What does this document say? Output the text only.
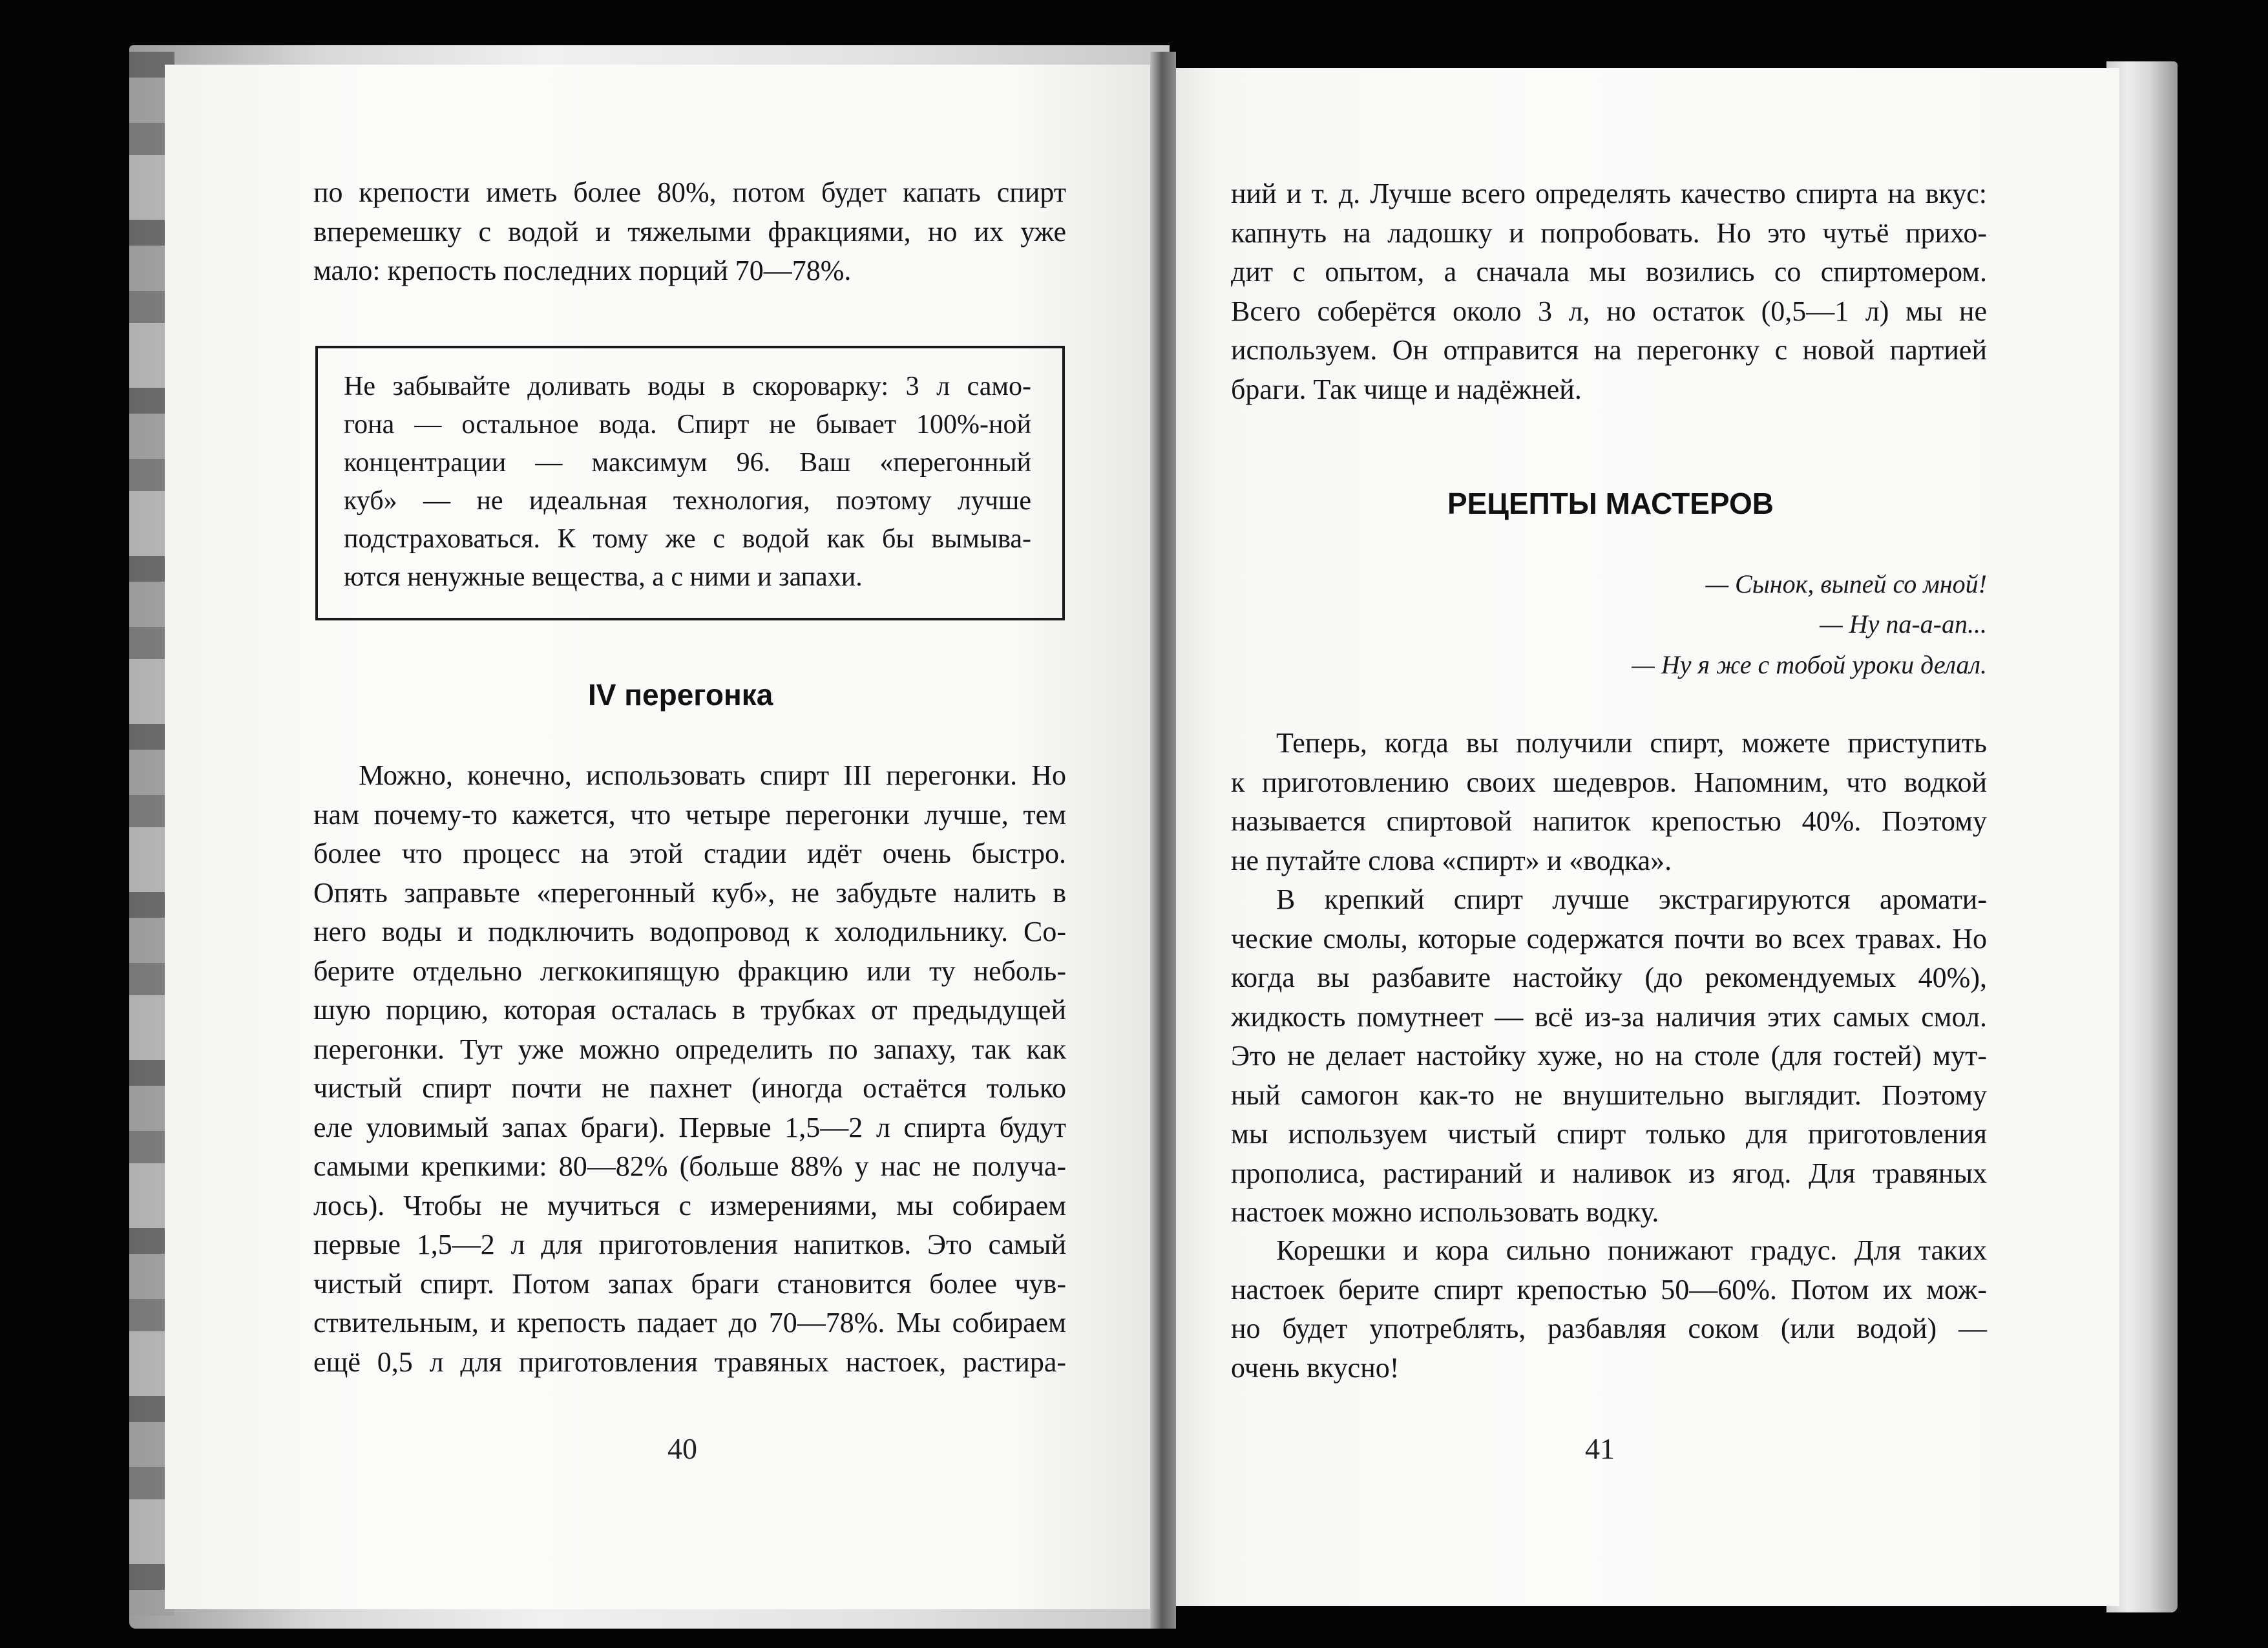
по крепости иметь более 80%, потом будет капать спирт
вперемешку с водой и тяжелыми фракциями, но их уже
мало: крепость последних порций 70—78%.
Не забывайте доливать воды в скороварку: 3 л само-
гона — остальное вода. Спирт не бывает 100%-ной
концентрации — максимум 96. Ваш «перегонный
куб» — не идеальная технология, поэтому лучше
подстраховаться. К тому же с водой как бы вымыва-
ются ненужные вещества, а с ними и запахи.
IV перегонка
Можно, конечно, использовать спирт III перегонки. Но
нам почему-то кажется, что четыре перегонки лучше, тем
более что процесс на этой стадии идёт очень быстро.
Опять заправьте «перегонный куб», не забудьте налить в
него воды и подключить водопровод к холодильнику. Со-
берите отдельно легкокипящую фракцию или ту неболь-
шую порцию, которая осталась в трубках от предыдущей
перегонки. Тут уже можно определить по запаху, так как
чистый спирт почти не пахнет (иногда остаётся только
еле уловимый запах браги). Первые 1,5—2 л спирта будут
самыми крепкими: 80—82% (больше 88% у нас не получа-
лось). Чтобы не мучиться с измерениями, мы собираем
первые 1,5—2 л для приготовления напитков. Это самый
чистый спирт. Потом запах браги становится более чув-
ствительным, и крепость падает до 70—78%. Мы собираем
ещё 0,5 л для приготовления травяных настоек, растира-
40
ний и т. д. Лучше всего определять качество спирта на вкус:
капнуть на ладошку и попробовать. Но это чутьё прихо-
дит с опытом, а сначала мы возились со спиртомером.
Всего соберётся около 3 л, но остаток (0,5—1 л) мы не
используем. Он отправится на перегонку с новой партией
браги. Так чище и надёжней.
РЕЦЕПТЫ МАСТЕРОВ
— Сынок, выпей со мной!
— Ну па-а-ап...
— Ну я же с тобой уроки делал.
Теперь, когда вы получили спирт, можете приступить
к приготовлению своих шедевров. Напомним, что водкой
называется спиртовой напиток крепостью 40%. Поэтому
не путайте слова «спирт» и «водка».
В крепкий спирт лучше экстрагируются аромати-
ческие смолы, которые содержатся почти во всех травах. Но
когда вы разбавите настойку (до рекомендуемых 40%),
жидкость помутнеет — всё из-за наличия этих самых смол.
Это не делает настойку хуже, но на столе (для гостей) мут-
ный самогон как-то не внушительно выглядит. Поэтому
мы используем чистый спирт только для приготовления
прополиса, растираний и наливок из ягод. Для травяных
настоек можно использовать водку.
Корешки и кора сильно понижают градус. Для таких
настоек берите спирт крепостью 50—60%. Потом их мож-
но будет употреблять, разбавляя соком (или водой) —
очень вкусно!
41
